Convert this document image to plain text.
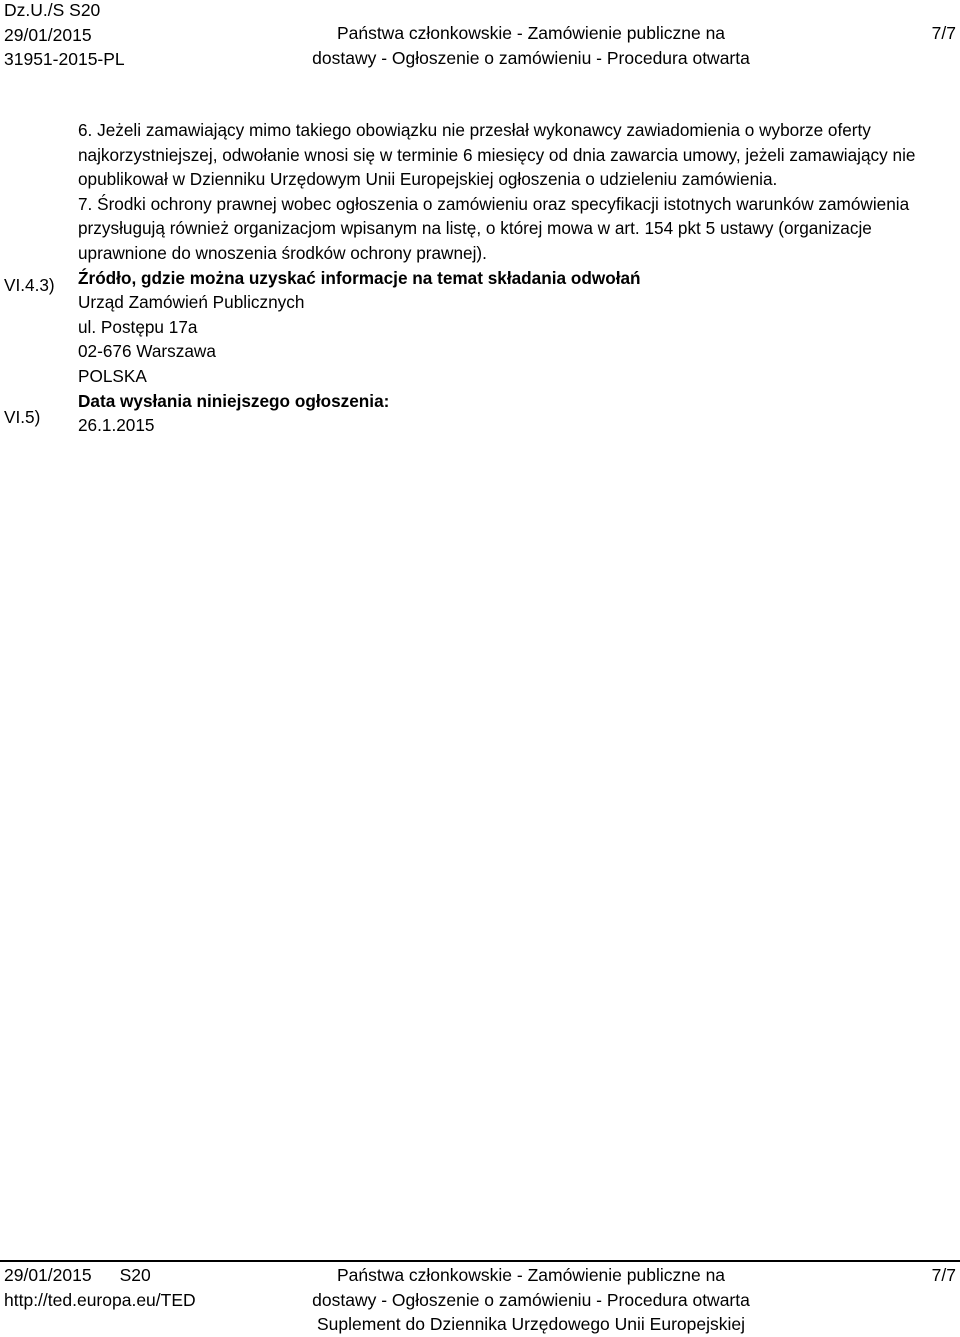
Dz.U./S S20
29/01/2015
31951-2015-PL
Państwa członkowskie - Zamówienie publiczne na
dostawy - Ogłoszenie o zamówieniu - Procedura otwarta
7/7

6. Jeżeli zamawiający mimo takiego obowiązku nie przesłał wykonawcy zawiadomienia o wyborze oferty
najkorzystniejszej, odwołanie wnosi się w terminie 6 miesięcy od dnia zawarcia umowy, jeżeli zamawiający nie
opublikował w Dzienniku Urzędowym Unii Europejskiej ogłoszenia o udzieleniu zamówienia.

7. Środki ochrony prawnej wobec ogłoszenia o zamówieniu oraz specyfikacji istotnych warunków zamówienia
przysługują również organizacjom wpisanym na listę, o której mowa w art. 154 pkt 5 ustawy (organizacje
uprawnione do wnoszenia środków ochrony prawnej).

Źródło, gdzie można uzyskać informacje na temat składania odwołań
Urząd Zamówień Publicznych
ul. Postępu 17a
02-676 Warszawa
POLSKA

Data wysłania niniejszego ogłoszenia:
26.1.2015

VI.4.3)
VI.5)
29/01/2015 S20
http://ted.europa.eu/TED
Państwa członkowskie - Zamówienie publiczne na
dostawy - Ogłoszenie o zamówieniu - Procedura otwarta
Suplement do Dziennika Urzędowego Unii Europejskiej
7/7
